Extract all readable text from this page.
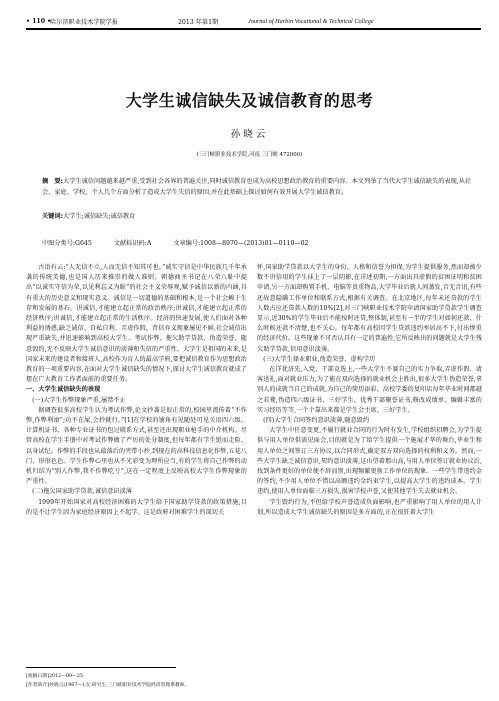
• 110 •
哈尔滨职业技术学院学报	2013 年第1期	Journal of Harbin Vocational & Technical College
大学生诚信缺失及诚信教育的思考
孙晓云
(三门峡职业技术学院,河南 三门峡 472000)
摘　要:大学生诚信问题越来越严重,受到社会各界的普遍关注,同时诚信教育也成为高校思想政治教育的重要内容。本文列举了当代大学生诚信缺失的表现,从社会、家庭、学校、个人几个方面分析了造成大学生失信的原因,并在此基础上探讨如何有效开展大学生诚信教育。
关键词:大学生;诚信缺失;诚信教育
中图分类号:G645	文献标识码:A	文章编号:1008—8970—(2013)01—0110—02

古语有云:“人无信不立,人而无信不知其可也。”诚实守信是中华民族几千年承袭的传统美德,也是国人历来推崇的做人准则。朝德商圣书记在八荣八耻中提出“以诚实守信为荣,以见利忘义为耻”的社会主义荣辱观,赋予诚信以新的内涵,具有重大的历史意义和现实意义。诚信是一切道德的基础和根本,是一个社会赖于生存和发展的基石。讲诚信,才能建立起正常的政治秩序;讲诚信,才能建立起正常的经济秩序;讲诚信,才能建立起正常的生活秩序。经济的快速发展,使人们面对各种利益的诱惑,缺乏诚信、自私自利、弄虚作假、背信弃义现象屡见不鲜,社会诚信出现严重缺失,并迅速影响到高校大学生。考试作弊、拖欠助学贷款、伪造荣誉、随意毁约,无不反映大学生诚信意识的淡薄和失信的严重性。大学生是祖国的未来,是国家未来的建设者和接班人,高校作为育人的最高学府,要把诚信教育作为思想政治教育的一项重要内容,在面对大学生诚信缺失的情况下,探讨大学生诚信教育就成了摆在广大教育工作者面前的重要任务。

一、大学生诚信缺失的表现

(一)大学生作弊现象严重,屡禁不止

据调查很多高校学生认为考试作弊,论文抄袭是很正常的,校园里流传着“不作弊,作弊利滚”;功不在屎,会抄就行。”[1]在学校的铺角有见随处可见关语四六级、计算机证书、各种专业证书的包过联系方式,甚至还出现职业枪手的中介机构。尽管高校在学生手册中对考试作弊做了严厉的处分制度,但每年都有学生铤而走险、以身试纪。作弊的手段也从最落后的夹带小抄,到现在的高科技信息化作弊,五花八门、形形色色。学生作弊心里也从不光彩变为理所应当,有的学生将自己作弊的动机归结为“别人作弊,我不作弊吃亏”,这在一定程度上反映高校大学生作弊现象的严重性。

(二)拖欠国家助学贷款,诚信意识淡薄

1999年开始国家对高校经济困难的大学生给予国家助学贷款的政策措施,目的是不让学生因为家庭经济原因上不起学。这是政府对困难学生的深切关

怀,国家助学贷款以大学生的身份、人格和信誉为担保,为学生提供服务,然而却被少数不讲信用的学生抹上了一层阴影,在详述初期,一方面出具虚假的贫困证明和贫困申请,另一方面却购置手机、电脑等贵重物品,大学毕业后就人间蒸发,音无音讯,有些还故意隐瞒工作单位和联系方式,根据有关调查。在北京地区,每年未还贷款的学生人数占应还贷款人数的10%[2],对三门峡职业技术学院申请国家助学贷款学生调查显示,近30%的学生毕业后不能按时还贷,整体制,甚至有一半的学生对如何还款、什么时候还款不清楚,也不关心。每年都有高校因学生贷款违约率居高不下,付出惨重的经济代价。这些现象不可否认具有一定的普遍性,它所反映出的问题就是大学生残欠助学贷款,信用意识淡薄。

(三)大学生择业职业,伪造荣誉、虚构学历

在详优济先,入党、干部竞选上,一些大学生不赛自己的实力争取,弄虚作假、请客送礼,面对就业压力,为了能在双向选择的就业机会上胜出,很多大学生伪造荣誉,拿别人的成就当自己的成就,为自己的简历添彩。高校学委的复印店每年毕业时间都越之若鹜,伪造四六级证书、三好学生、优秀干部聚誉证书,修改成绩单、编辑丰富的实习经历等等,一个个靠出来都是学生会主席、三好学生。

(四)大学生合同签约意识淡薄,随意毁约

大学生中任意变更,不履行就业合同的行为时有发生,学校组织招聘会,为学生提供与用人单位供需见面会,目的就是为了给学生提供一个施展才华的舞台,毕业生和用人单位之间签订三方协议,以合同形式,确定双方双向选择的权利和义务。然而,一些大学生缺乏诚信意识,契约意识淡薄,这山望着那山高,与用人单位签订就业协议后,找到条件更好的单位便不辞而别,出现频繁更换工作单位的现象。一些学生带违约金的签约,不少用人单位不惜以高额违约金约束学生,以提高大学生的违约成本。学生违约,使用人单位面临三方损失,损害学校声誉,又使其他学生失去就业机会。

学生毁约行为,不但给学校声誉造成负面影响,也严重影响了用人单位的用人计划,所以造成大学生诚信缺失的原因是多方面的,正在很狂着大学生

[收稿日期]2012—09—25
[作者简介]孙晓云(1967—),女,研究生,三门峡职业技术学院经济管理系教师。
